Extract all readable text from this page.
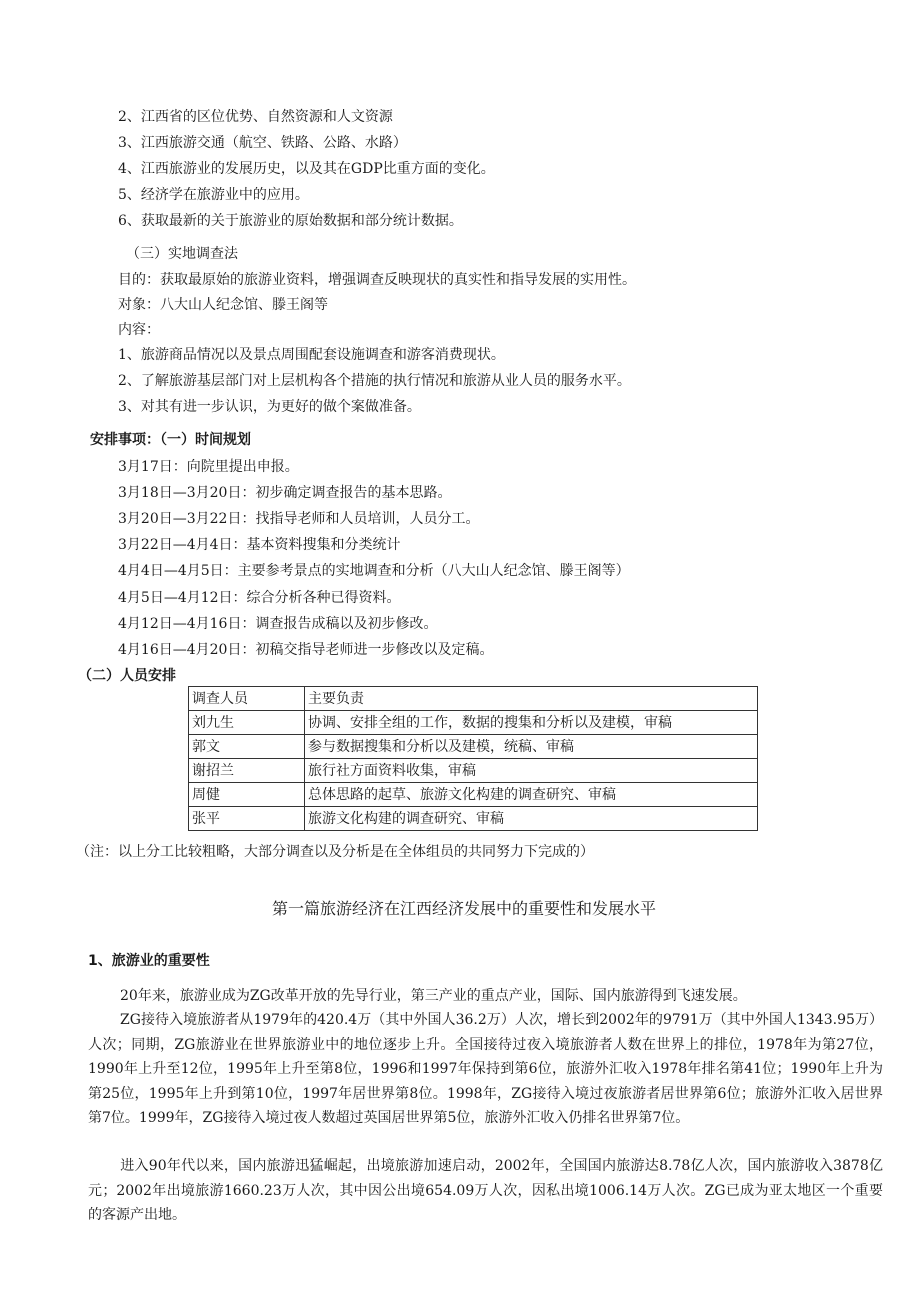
2、江西省的区位优势、自然资源和人文资源
3、江西旅游交通（航空、铁路、公路、水路）
4、江西旅游业的发展历史，以及其在GDP比重方面的变化。
5、经济学在旅游业中的应用。
6、获取最新的关于旅游业的原始数据和部分统计数据。
（三）实地调查法
目的：获取最原始的旅游业资料，增强调查反映现状的真实性和指导发展的实用性。
对象：八大山人纪念馆、滕王阁等
内容：
1、旅游商品情况以及景点周围配套设施调查和游客消费现状。
2、了解旅游基层部门对上层机构各个措施的执行情况和旅游从业人员的服务水平。
3、对其有进一步认识，为更好的做个案做准备。
安排事项：（一）时间规划
3月17日：向院里提出申报。
3月18日—3月20日：初步确定调查报告的基本思路。
3月20日—3月22日：找指导老师和人员培训，人员分工。
3月22日—4月4日：基本资料搜集和分类统计
4月4日—4月5日：主要参考景点的实地调查和分析（八大山人纪念馆、滕王阁等）
4月5日—4月12日：综合分析各种已得资料。
4月12日—4月16日：调查报告成稿以及初步修改。
4月16日—4月20日：初稿交指导老师进一步修改以及定稿。
（二）人员安排
调查人员	主要负责
刘九生	协调、安排全组的工作，数据的搜集和分析以及建模，审稿
郭文	参与数据搜集和分析以及建模，统稿、审稿
谢招兰	旅行社方面资料收集，审稿
周健	总体思路的起草、旅游文化构建的调查研究、审稿
张平	旅游文化构建的调查研究、审稿
（注：以上分工比较粗略，大部分调查以及分析是在全体组员的共同努力下完成的）
第一篇旅游经济在江西经济发展中的重要性和发展水平
1、旅游业的重要性
20年来，旅游业成为ZG改革开放的先导行业，第三产业的重点产业，国际、国内旅游得到飞速发展。
ZG接待入境旅游者从1979年的420.4万（其中外国人36.2万）人次，增长到2002年的9791万（其中外国人1343.95万）人次；同期，ZG旅游业在世界旅游业中的地位逐步上升。全国接待过夜入境旅游者人数在世界上的排位，1978年为第27位，1990年上升至12位，1995年上升至第8位，1996和1997年保持到第6位，旅游外汇收入1978年排名第41位；1990年上升为第25位，1995年上升到第10位，1997年居世界第8位。1998年，ZG接待入境过夜旅游者居世界第6位；旅游外汇收入居世界第7位。1999年，ZG接待入境过夜人数超过英国居世界第5位，旅游外汇收入仍排名世界第7位。
进入90年代以来，国内旅游迅猛崛起，出境旅游加速启动，2002年，全国国内旅游达8.78亿人次，国内旅游收入3878亿元；2002年出境旅游1660.23万人次，其中因公出境654.09万人次，因私出境1006.14万人次。ZG已成为亚太地区一个重要的客源产出地。
